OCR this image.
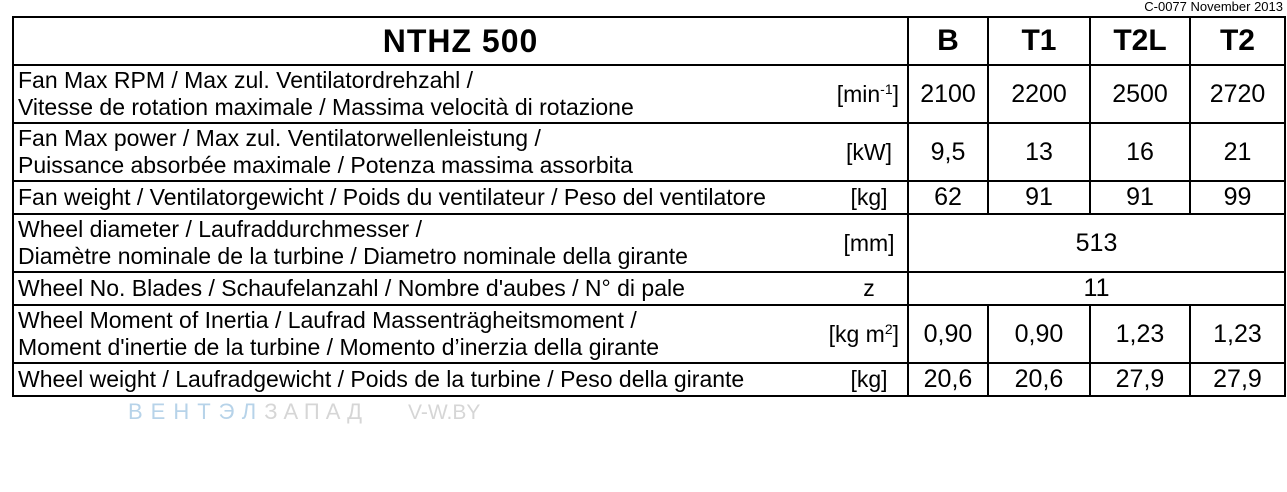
C-0077 November 2013
NTHZ 500	B	T1	T2L	T2

Fan Max RPM / Max zul. Ventilatordrehzahl /
Vitesse de rotation maximale / Massima velocità di rotazione
$[\min^{-1}]$	2100	2200	2500	2720

Fan Max power / Max zul. Ventilatorwellenleistung /
Puissance absorbée maximale / Potenza massima assorbita
[kW]	9,5	13	16	21

Fan weight / Ventilatorgewicht / Poids du ventilateur / Peso del ventilatore [kg]	62	91	91	99

Wheel diameter / Laufraddurchmesser /
Diamètre nominale de la turbine / Diametro nominale della girante
[mm]	513			

Wheel No. Blades / Schaufelanzahl / Nombre d'aubes / N° di pale z	11			

Wheel Moment of Inertia / Laufrad Massenträgheitsmoment /
Moment d'inertie de la turbine / Momento d’inerzia della girante
[kg $m^2$]	0,90	0,90	1,23	1,23

Wheel weight / Laufradgewicht / Poids de la turbine / Peso della girante [kg]	20,6	20,6	27,9	27,9
ВЕНТЭЛЗАПАД V-W.BY
